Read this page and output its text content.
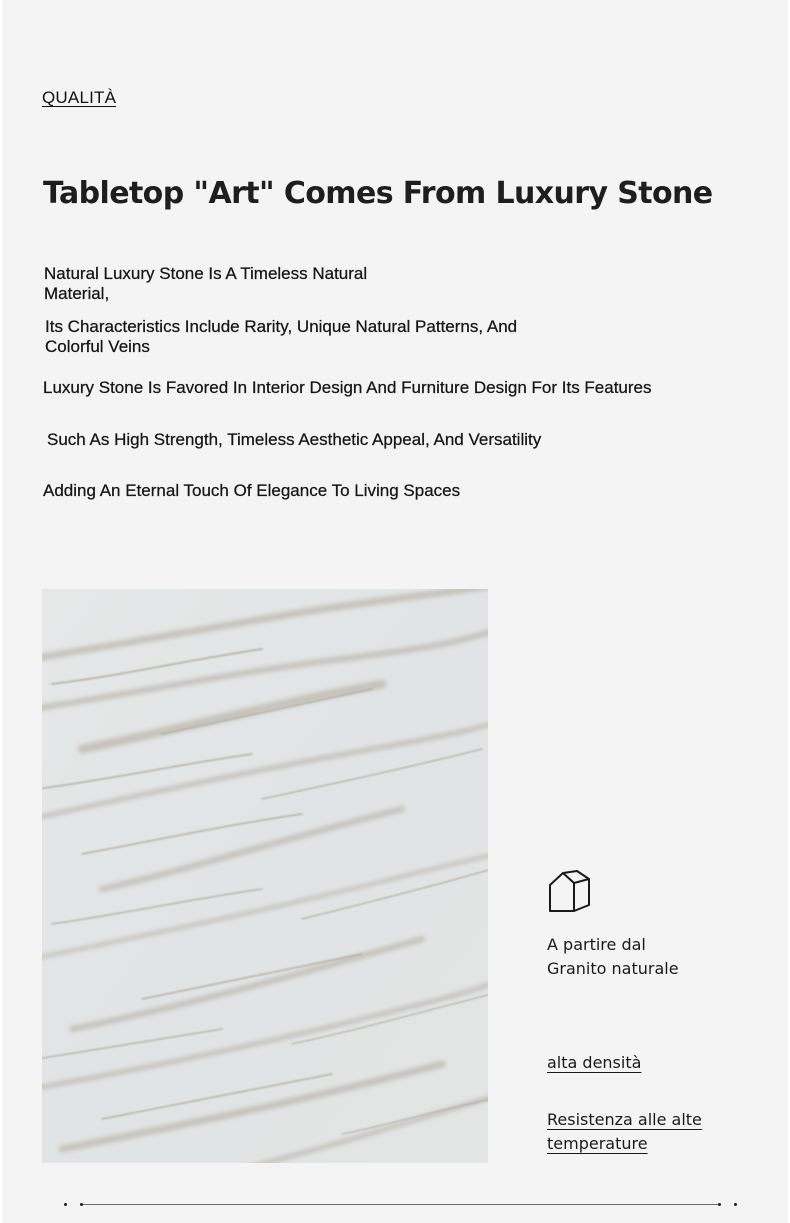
QUALITÀ
Tabletop "Art" Comes From Luxury Stone
Natural Luxury Stone Is A Timeless Natural
Material,
Its Characteristics Include Rarity, Unique Natural Patterns, And
Colorful Veins
Luxury Stone Is Favored In Interior Design And Furniture Design For Its Features
Such As High Strength, Timeless Aesthetic Appeal, And Versatility
Adding An Eternal Touch Of Elegance To Living Spaces
A partire dal
Granito naturale
alta densità
Resistenza alle alte
temperature
